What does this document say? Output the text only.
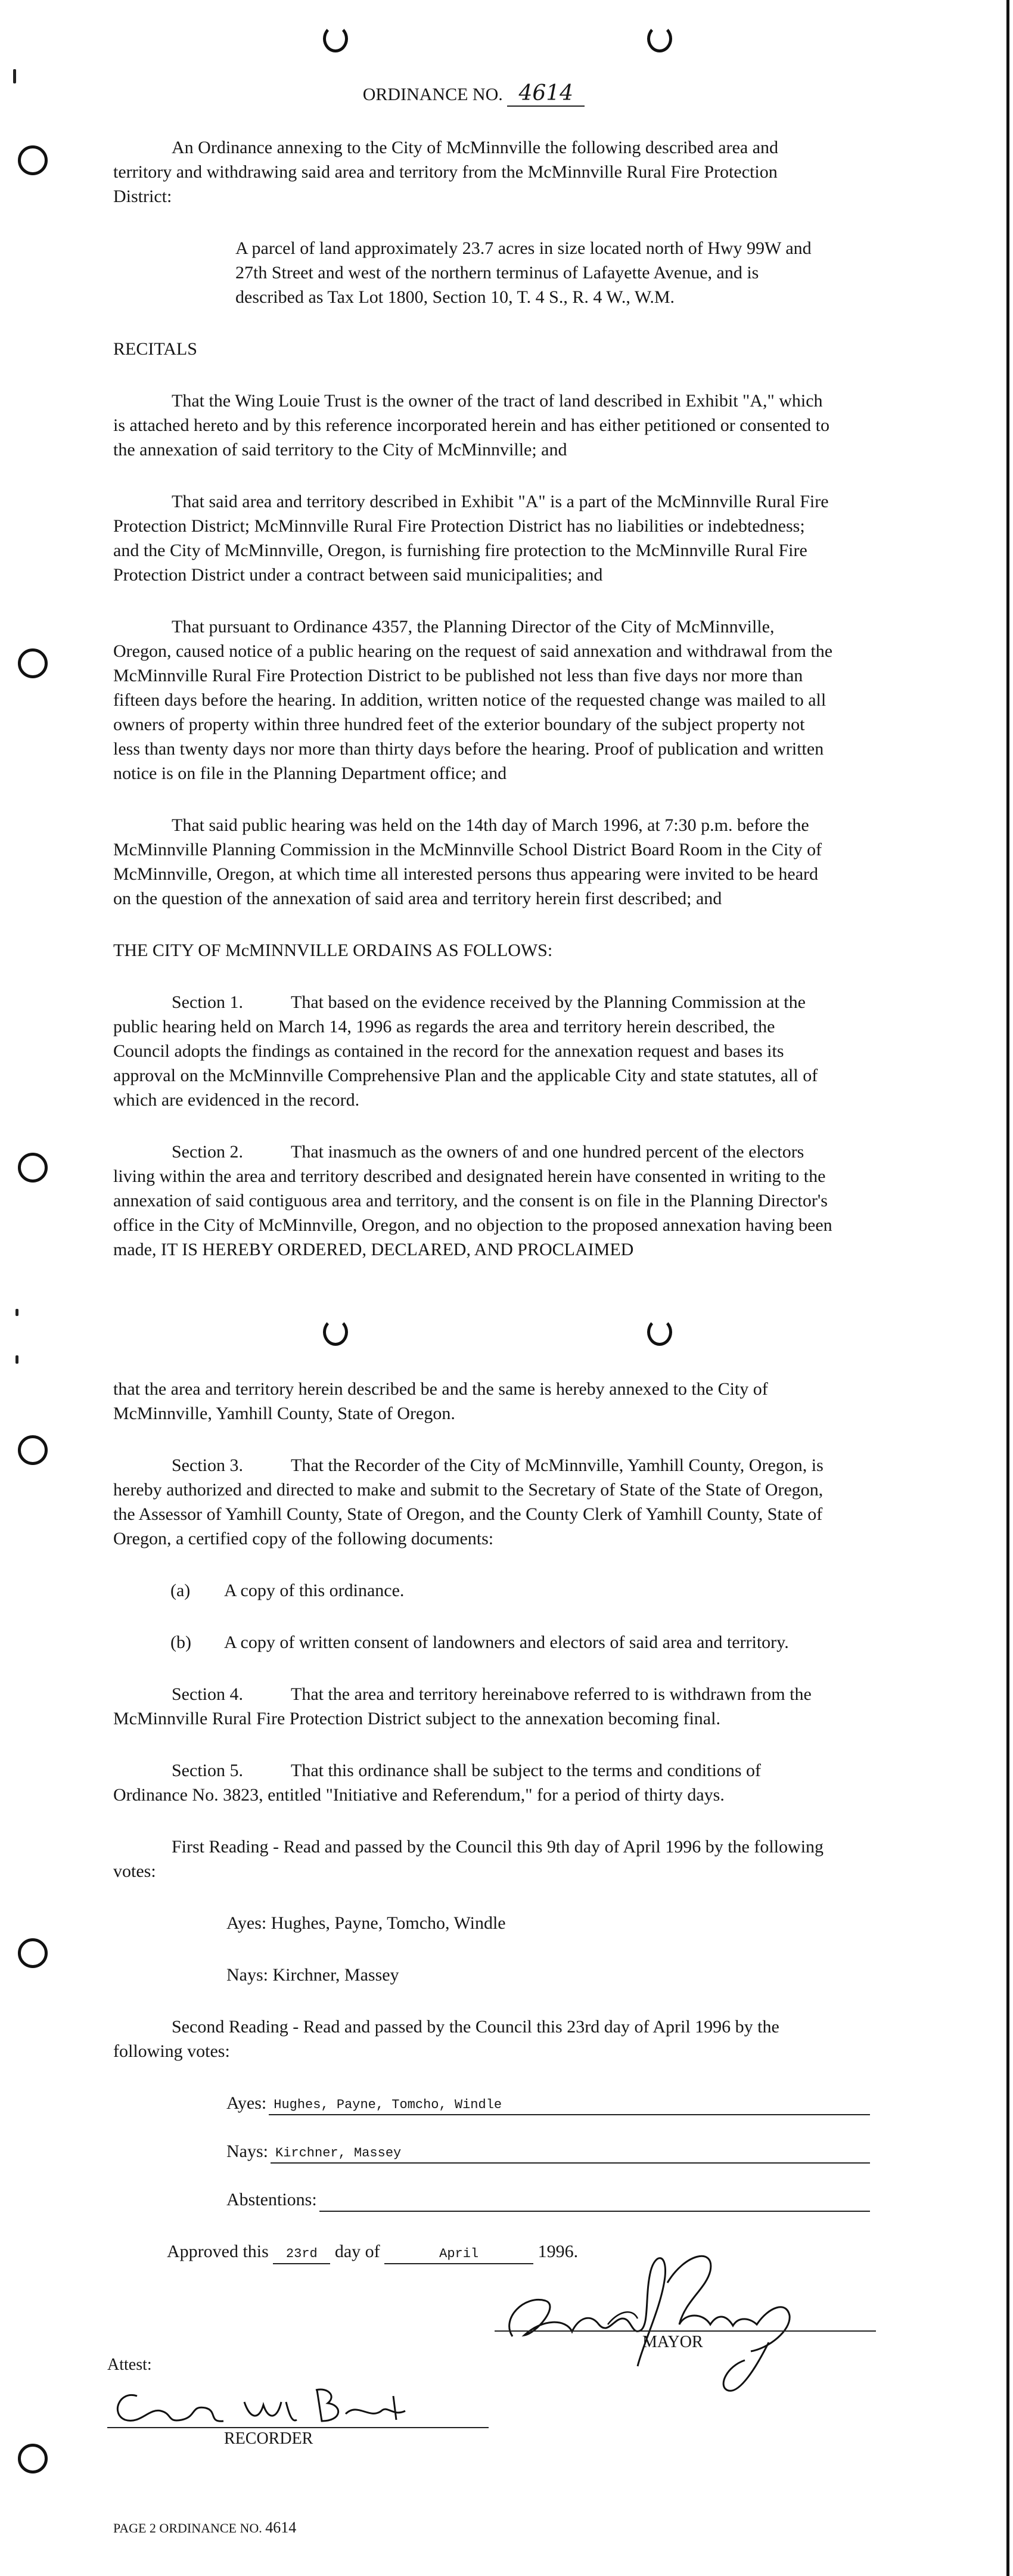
ORDINANCE NO. 4614

An Ordinance annexing to the City of McMinnville the following described area and territory and withdrawing said area and territory from the McMinnville Rural Fire Protection District:

A parcel of land approximately 23.7 acres in size located north of Hwy 99W and 27th Street and west of the northern terminus of Lafayette Avenue, and is described as Tax Lot 1800, Section 10, T. 4 S., R. 4 W., W.M.

RECITALS

That the Wing Louie Trust is the owner of the tract of land described in Exhibit "A," which is attached hereto and by this reference incorporated herein and has either petitioned or consented to the annexation of said territory to the City of McMinnville; and

That said area and territory described in Exhibit "A" is a part of the McMinnville Rural Fire Protection District; McMinnville Rural Fire Protection District has no liabilities or indebtedness; and the City of McMinnville, Oregon, is furnishing fire protection to the McMinnville Rural Fire Protection District under a contract between said municipalities; and

That pursuant to Ordinance 4357, the Planning Director of the City of McMinnville, Oregon, caused notice of a public hearing on the request of said annexation and withdrawal from the McMinnville Rural Fire Protection District to be published not less than five days nor more than fifteen days before the hearing. In addition, written notice of the requested change was mailed to all owners of property within three hundred feet of the exterior boundary of the subject property not less than twenty days nor more than thirty days before the hearing. Proof of publication and written notice is on file in the Planning Department office; and

That said public hearing was held on the 14th day of March 1996, at 7:30 p.m. before the McMinnville Planning Commission in the McMinnville School District Board Room in the City of McMinnville, Oregon, at which time all interested persons thus appearing were invited to be heard on the question of the annexation of said area and territory herein first described; and

THE CITY OF McMINNVILLE ORDAINS AS FOLLOWS:

Section 1.	That based on the evidence received by the Planning Commission at the public hearing held on March 14, 1996 as regards the area and territory herein described, the Council adopts the findings as contained in the record for the annexation request and bases its approval on the McMinnville Comprehensive Plan and the applicable City and state statutes, all of which are evidenced in the record.

Section 2.	That inasmuch as the owners of and one hundred percent of the electors living within the area and territory described and designated herein have consented in writing to the annexation of said contiguous area and territory, and the consent is on file in the Planning Director's office in the City of McMinnville, Oregon, and no objection to the proposed annexation having been made, IT IS HEREBY ORDERED, DECLARED, AND PROCLAIMED

that the area and territory herein described be and the same is hereby annexed to the City of McMinnville, Yamhill County, State of Oregon.

Section 3.	That the Recorder of the City of McMinnville, Yamhill County, Oregon, is hereby authorized and directed to make and submit to the Secretary of State of the State of Oregon, the Assessor of Yamhill County, State of Oregon, and the County Clerk of Yamhill County, State of Oregon, a certified copy of the following documents:

(a) A copy of this ordinance.

(b) A copy of written consent of landowners and electors of said area and territory.

Section 4.	That the area and territory hereinabove referred to is withdrawn from the McMinnville Rural Fire Protection District subject to the annexation becoming final.

Section 5.	That this ordinance shall be subject to the terms and conditions of Ordinance No. 3823, entitled "Initiative and Referendum," for a period of thirty days.

First Reading - Read and passed by the Council this 9th day of April 1996 by the following votes:

Ayes: Hughes, Payne, Tomcho, Windle

Nays: Kirchner, Massey

Second Reading - Read and passed by the Council this 23rd day of April 1996 by the following votes:

Ayes: Hughes, Payne, Tomcho, Windle
Nays: Kirchner, Massey
Abstentions:

Approved this 23rd day of	April	1996.

MAYOR
Attest:
RECORDER
PAGE 2 ORDINANCE NO. 4614
